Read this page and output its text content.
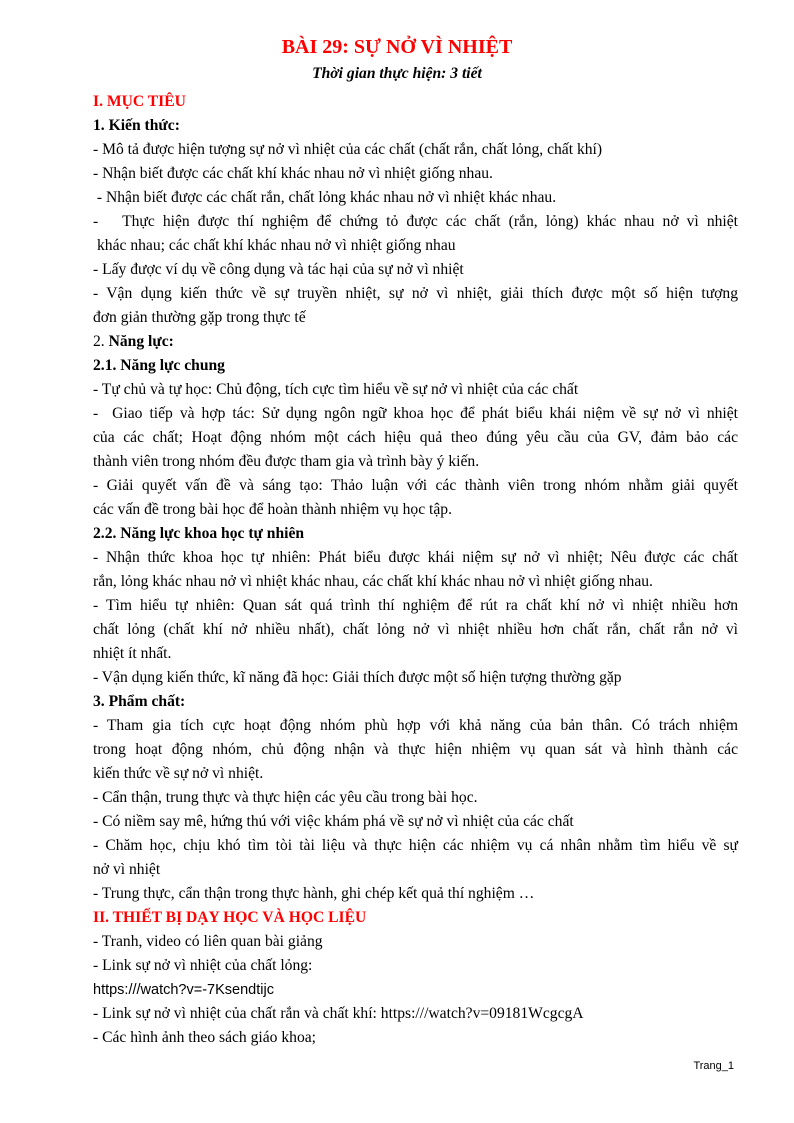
BÀI 29: SỰ NỞ VÌ NHIỆT
Thời gian thực hiện: 3 tiết
I. MỤC TIÊU
1. Kiến thức:
- Mô tả được hiện tượng sự nở vì nhiệt của các chất (chất rắn, chất lỏng, chất khí)
- Nhận biết được các chất khí khác nhau nở vì nhiệt giống nhau.
- Nhận biết được các chất rắn, chất lỏng khác nhau nở vì nhiệt khác nhau.
-   Thực hiện được thí nghiệm để chứng tỏ được các chất (rắn, lỏng) khác nhau nở vì nhiệt
khác nhau; các chất khí khác nhau nở vì nhiệt giống nhau
- Lấy được ví dụ về công dụng và tác hại của sự nở vì nhiệt
- Vận dụng kiến thức về sự truyền nhiệt, sự nở vì nhiệt, giải thích được một số hiện tượng
đơn giản thường gặp trong thực tế
2. Năng lực:
2.1. Năng lực chung
- Tự chủ và tự học: Chủ động, tích cực tìm hiểu về sự nở vì nhiệt của các chất
-  Giao tiếp và hợp tác: Sử dụng ngôn ngữ khoa học để phát biểu khái niệm về sự nở vì nhiệt
của các chất; Hoạt động nhóm một cách hiệu quả theo đúng yêu cầu của GV, đảm bảo các
thành viên trong nhóm đều được tham gia và trình bày ý kiến.
- Giải quyết vấn đề và sáng tạo: Thảo luận với các thành viên trong nhóm nhằm giải quyết
các vấn đề trong bài học để hoàn thành nhiệm vụ học tập.
2.2. Năng lực khoa học tự nhiên
- Nhận thức khoa học tự nhiên: Phát biểu được khái niệm sự nở vì nhiệt; Nêu được các chất
rắn, lỏng khác nhau nở vì nhiệt khác nhau, các chất khí khác nhau nở vì nhiệt giống nhau.
- Tìm hiểu tự nhiên: Quan sát quá trình thí nghiệm để rút ra chất khí nở vì nhiệt nhiều hơn
chất lỏng (chất khí nở nhiều nhất), chất lỏng nở vì nhiệt nhiều hơn chất rắn, chất rắn nở vì
nhiệt ít nhất.
- Vận dụng kiến thức, kĩ năng đã học: Giải thích được một số hiện tượng thường gặp
3. Phẩm chất:
- Tham gia tích cực hoạt động nhóm phù hợp với khả năng của bản thân. Có trách nhiệm
trong hoạt động nhóm, chủ động nhận và thực hiện nhiệm vụ quan sát và hình thành các
kiến thức về sự nở vì nhiệt.
- Cẩn thận, trung thực và thực hiện các yêu cầu trong bài học.
- Có niềm say mê, hứng thú với việc khám phá về sự nở vì nhiệt của các chất
- Chăm học, chịu khó tìm tòi tài liệu và thực hiện các nhiệm vụ cá nhân nhằm tìm hiểu về sự
nở vì nhiệt
- Trung thực, cẩn thận trong thực hành, ghi chép kết quả thí nghiệm …
II. THIẾT BỊ DẠY HỌC VÀ HỌC LIỆU
- Tranh, video có liên quan bài giảng
- Link sự nở vì nhiệt của chất lỏng:
https:///watch?v=-7Ksendtijc
- Link sự nở vì nhiệt của chất rắn và chất khí: https:///watch?v=09181WcgcgA
- Các hình ảnh theo sách giáo khoa;
Trang_1
